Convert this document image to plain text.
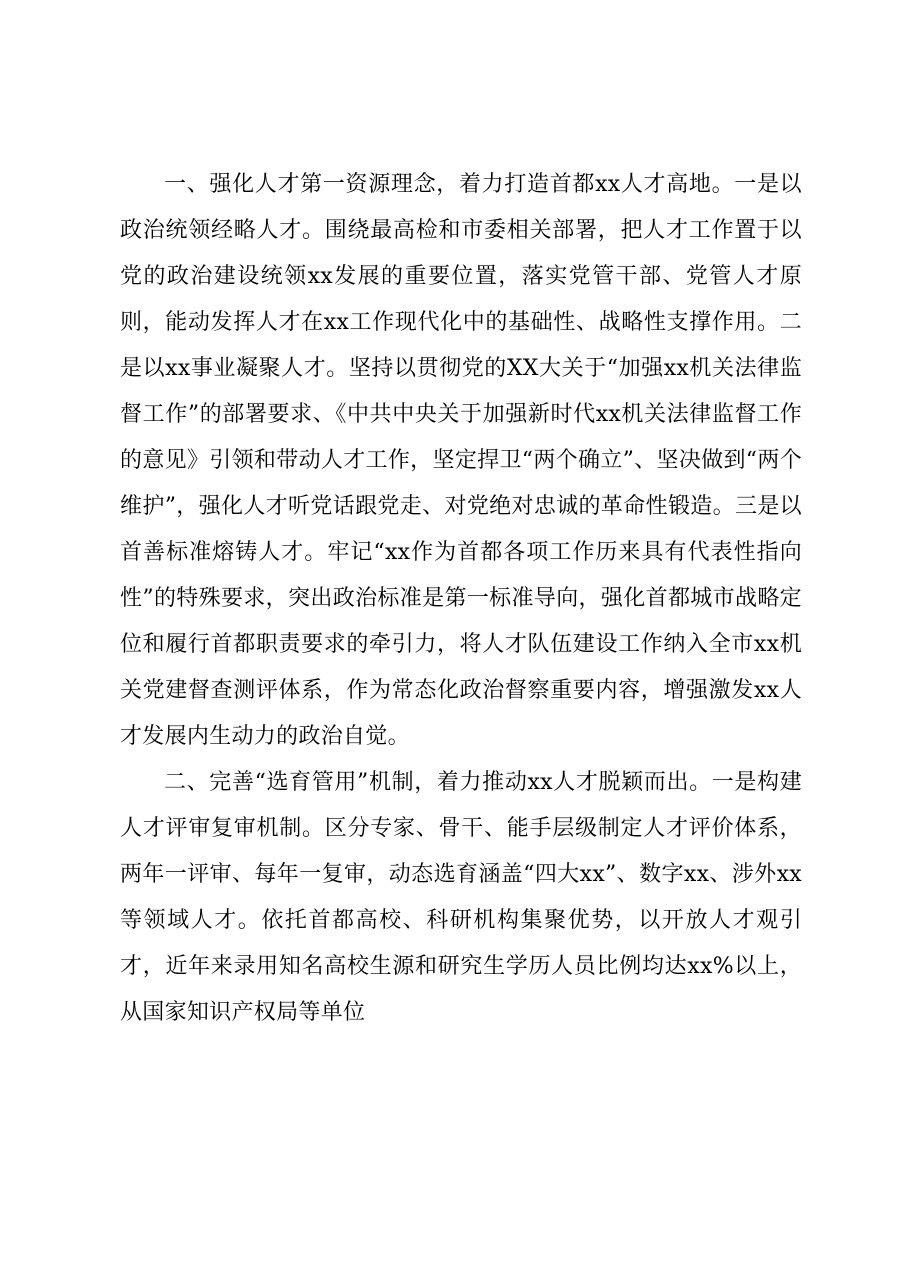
一、强化人才第一资源理念，着力打造首都xx人才高地。一是以政治统领经略人才。围绕最高检和市委相关部署，把人才工作置于以党的政治建设统领xx发展的重要位置，落实党管干部、党管人才原则，能动发挥人才在xx工作现代化中的基础性、战略性支撑作用。二是以xx事业凝聚人才。坚持以贯彻党的XX大关于“加强xx机关法律监督工作”的部署要求、《中共中央关于加强新时代xx机关法律监督工作的意见》引领和带动人才工作，坚定捍卫“两个确立”、坚决做到“两个维护”，强化人才听党话跟党走、对党绝对忠诚的革命性锻造。三是以首善标准熔铸人才。牢记“xx作为首都各项工作历来具有代表性指向性”的特殊要求，突出政治标准是第一标准导向，强化首都城市战略定位和履行首都职责要求的牵引力，将人才队伍建设工作纳入全市xx机关党建督查测评体系，作为常态化政治督察重要内容，增强激发xx人才发展内生动力的政治自觉。

二、完善“选育管用”机制，着力推动xx人才脱颖而出。一是构建人才评审复审机制。区分专家、骨干、能手层级制定人才评价体系，两年一评审、每年一复审，动态选育涵盖“四大xx”、数字xx、涉外xx等领域人才。依托首都高校、科研机构集聚优势，以开放人才观引才，近年来录用知名高校生源和研究生学历人员比例均达xx%以上，从国家知识产权局等单位
